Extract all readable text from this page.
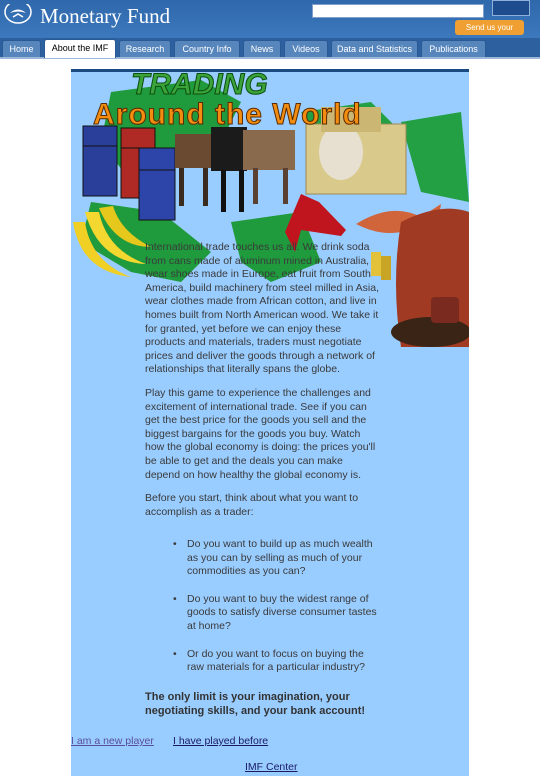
Monetary Fund	Send us your
Home	About the IMF	Research	Country Info	News	Videos	Data and Statistics	Publications
TRADING
Around the World
International trade touches us all. We drink soda from cans made of aluminum mined in Australia, wear shoes made in Europe, eat fruit from South America, build machinery from steel milled in Asia, wear clothes made from African cotton, and live in homes built from North American wood. We take it for granted, yet before we can enjoy these products and materials, traders must negotiate prices and deliver the goods through a network of relationships that literally spans the globe.
Play this game to experience the challenges and excitement of international trade. See if you can get the best price for the goods you sell and the biggest bargains for the goods you buy. Watch how the global economy is doing: the prices you'll be able to get and the deals you can make depend on how healthy the global economy is.
Before you start, think about what you want to accomplish as a trader:
• Do you want to build up as much wealth as you can by selling as much of your commodities as you can?
• Do you want to buy the widest range of goods to satisfy diverse consumer tastes at home?
• Or do you want to focus on buying the raw materials for a particular industry?
The only limit is your imagination, your negotiating skills, and your bank account!
I am a new player I have played before
IMF Center
